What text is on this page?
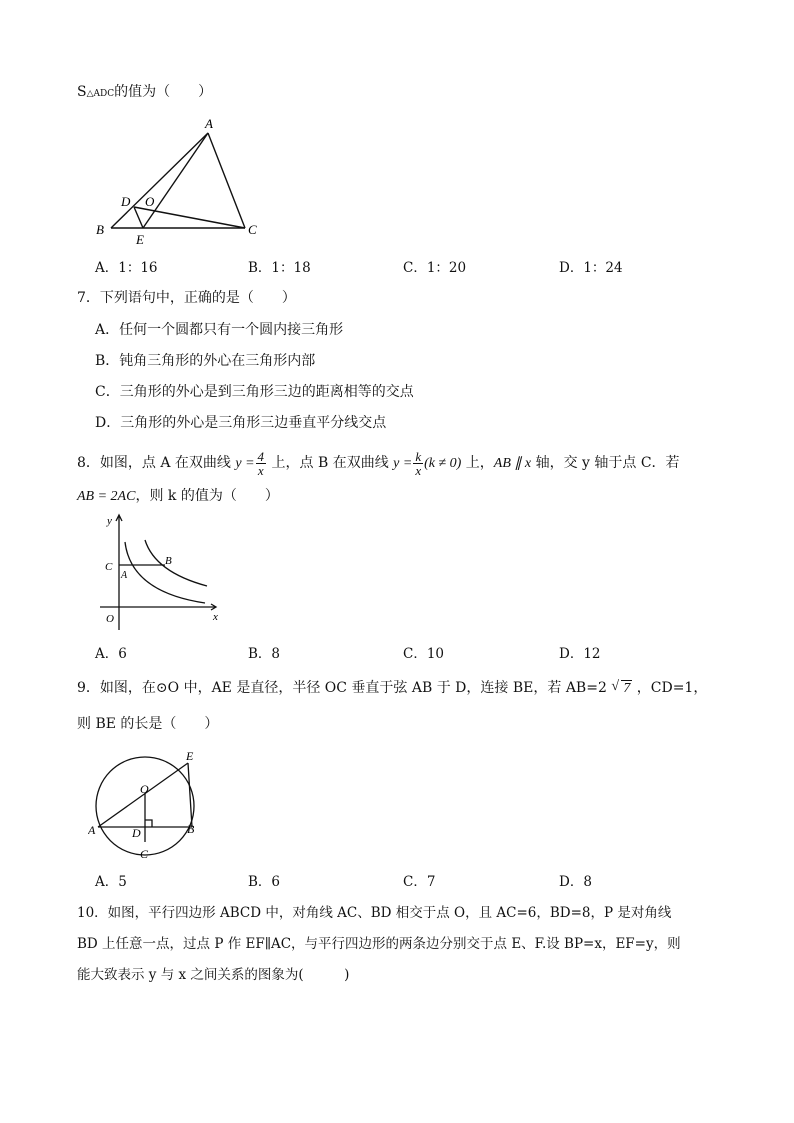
S△ADC的值为（　　）
A
B	C
D
E
O
A．1：16	B．1：18	C．1：20	D．1：24
7．下列语句中，正确的是（　　）
A．任何一个圆都只有一个圆内接三角形
B．钝角三角形的外心在三角形内部
C．三角形的外心是到三角形三边的距离相等的交点
D．三角形的外心是三角形三边垂直平分线交点
8．如图，点 A 在双曲线 $y = \frac{4}{x}$ 上，点 B 在双曲线 $y = \frac{k}{x} (k \ne 0)$ 上，AB ∥ x 轴，交 y 轴于点 C．若
AB = 2AC，则 k 的值为（　　）
y
x
C
A
B
O
A．6	B．8	C．10	D．12
9．如图，在⊙O 中，AE 是直径，半径 OC 垂直于弦 AB 于 D，连接 BE，若 AB=2 √ 7 ，CD=1，
则 BE 的长是（　　）
A	B
C
D
E
O
A．5	B．6	C．7	D．8
10．如图，平行四边形 ABCD 中，对角线 AC、BD 相交于点 O，且 AC=6，BD=8，P 是对角线
BD 上任意一点，过点 P 作 EF∥AC，与平行四边形的两条边分别交于点 E、F.设 BP=x，EF=y，则
能大致表示 y 与 x 之间关系的图象为(　　　)
